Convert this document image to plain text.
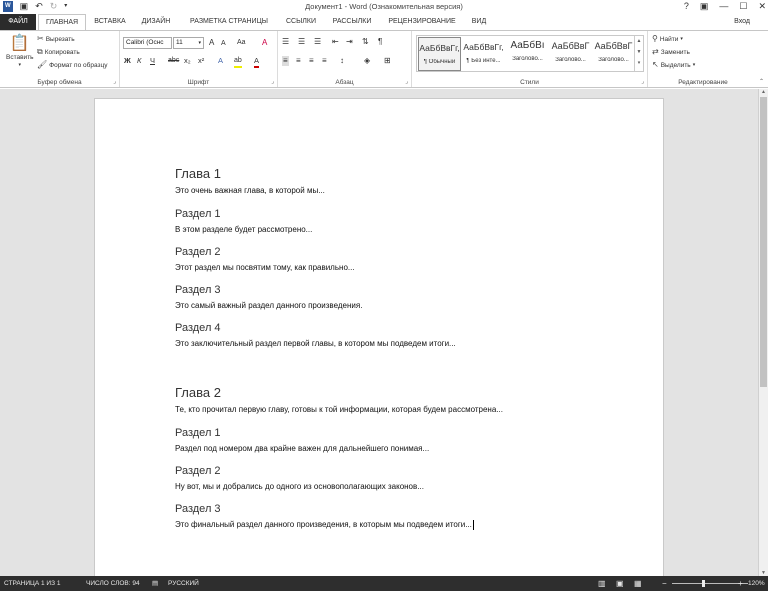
W ▣ ↶ ↻ ▾	Документ1 - Word (Ознакомительная версия)	? ▣ — ☐ ✕
ФАЙЛ	ГЛАВНАЯ	ВСТАВКА	ДИЗАЙН	РАЗМЕТКА СТРАНИЦЫ	ССЫЛКИ	РАССЫЛКИ	РЕЦЕНЗИРОВАНИЕ	ВИД	Вход
📋
Вставить
▾
✂ Вырезать
⧉ Копировать
🖌 Формат по образцу
Буфер обмена	⌟
Calibri (Оснс	11	▾ A A Aa A
Ж К Ч abc x₂ x² A ab A
Шрифт	⌟
☰ ☰ ☰ ⇤ ⇥ ⇅ ¶
≡ ≡ ≡ ≡ ↕	◈ ⊞
Абзац	⌟	Стили	⌟
АаБбВвГг,
¶ Обычный
АаБбВвГг,
¶ Без инте...
АаБбВı
Заголово...
АаБбВвГ
Заголово...
АаБбВвГ
Заголово...
▲
▼
▾
⚲ Найти ▾
⇄ Заменить
↖ Выделить ▾
Редактирование	⌃
Глава 1
Это очень важная глава, в которой мы...
Раздел 1
В этом разделе будет рассмотрено...
Раздел 2
Этот раздел мы посвятим тому, как правильно...
Раздел 3
Это самый важный раздел данного произведения.
Раздел 4
Это заключительный раздел первой главы, в котором мы подведем итоги...
Глава 2
Те, кто прочитал первую главу, готовы к той информации, которая будем рассмотрена...
Раздел 1
Раздел под номером два крайне важен для дальнейшего понимая...
Раздел 2
Ну вот, мы и добрались до одного из основополагающих законов...
Раздел 3
Это финальный раздел данного произведения, в которым мы подведем итоги...
▲
▼
СТРАНИЦА 1 ИЗ 1	ЧИСЛО СЛОВ: 94 ▤ РУССКИЙ	▥ ▣ ▦	−	+ 120%
